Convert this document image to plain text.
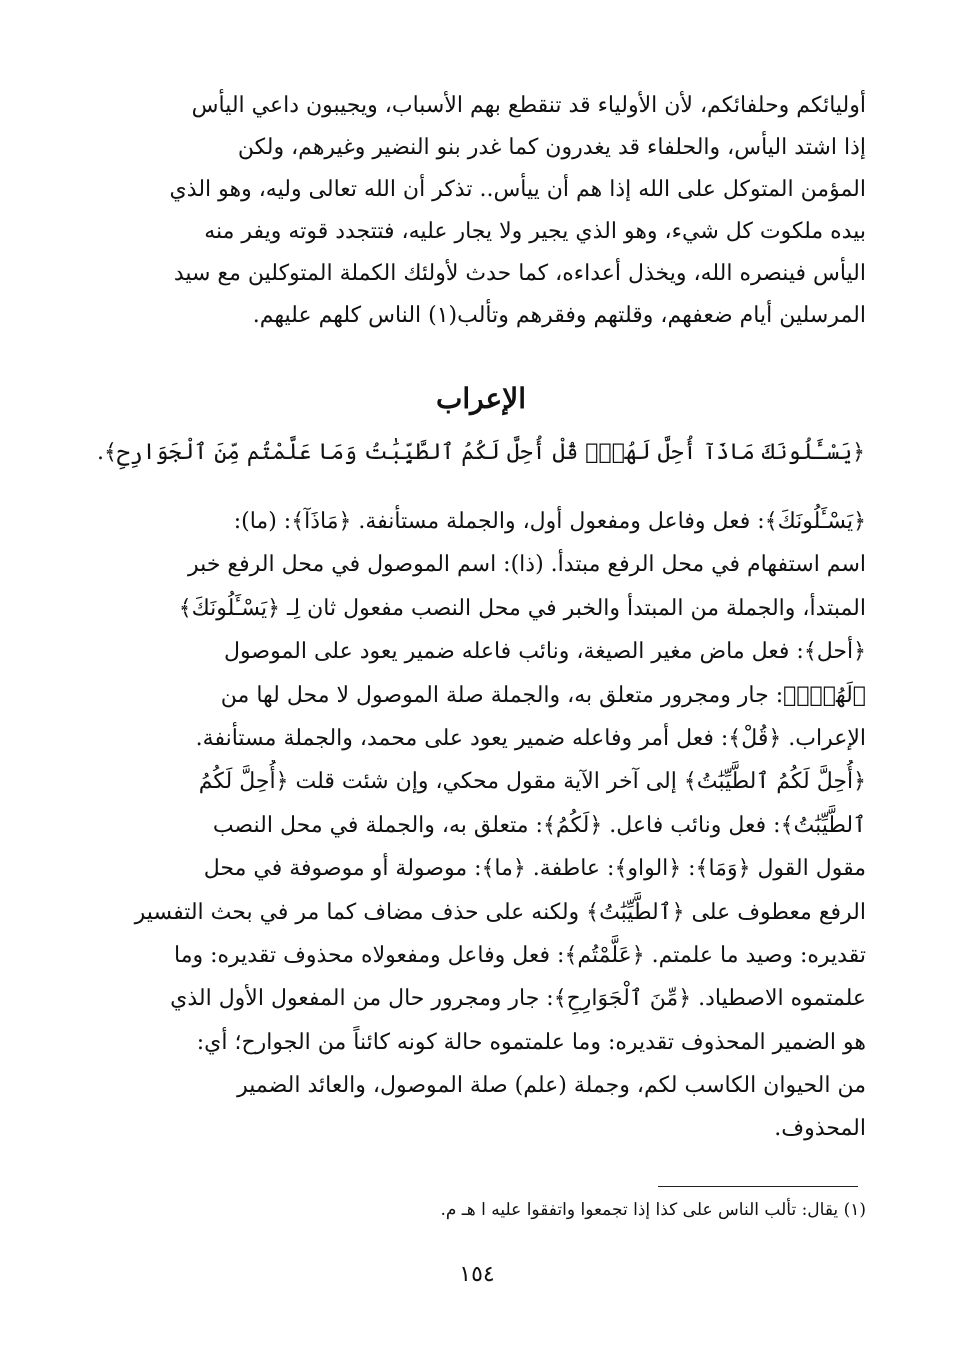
أوليائكم وحلفائكم، لأن الأولياء قد تنقطع بهم الأسباب، ويجيبون داعي اليأس
إذا اشتد اليأس، والحلفاء قد يغدرون كما غدر بنو النضير وغيرهم، ولكن
المؤمن المتوكل على الله إذا هم أن ييأس.. تذكر أن الله تعالى وليه، وهو الذي
بيده ملكوت كل شيء، وهو الذي يجير ولا يجار عليه، فتتجدد قوته ويفر منه
اليأس فينصره الله، ويخذل أعداءه، كما حدث لأولئك الكملة المتوكلين مع سيد
المرسلين أيام ضعفهم، وقلتهم وفقرهم وتألب(١) الناس كلهم عليهم.
الإعراب
﴿يَسْـَٔلُونَكَ مَاذَآ أُحِلَّ لَهُمْۖ قُلْ أُحِلَّ لَكُمُ ٱلطَّيِّبَٰتُ وَمَا عَلَّمْتُم مِّنَ ٱلْجَوَارِحِ﴾.
﴿يَسْـَٔلُونَكَ﴾: فعل وفاعل ومفعول أول، والجملة مستأنفة. ﴿مَاذَآ﴾: (ما):
اسم استفهام في محل الرفع مبتدأ. (ذا): اسم الموصول في محل الرفع خبر
المبتدأ، والجملة من المبتدأ والخبر في محل النصب مفعول ثان لِـ ﴿يَسْـَٔلُونَكَ﴾
﴿أحل﴾: فعل ماض مغير الصيغة، ونائب فاعله ضمير يعود على الموصول
﴿لَهُمْۖ﴾: جار ومجرور متعلق به، والجملة صلة الموصول لا محل لها من
الإعراب. ﴿قُلْ﴾: فعل أمر وفاعله ضمير يعود على محمد، والجملة مستأنفة.
﴿أُحِلَّ لَكُمُ ٱلطَّيِّبَٰتُ﴾ إلى آخر الآية مقول محكي، وإن شئت قلت ﴿أُحِلَّ لَكُمُ
ٱلطَّيِّبَٰتُ﴾: فعل ونائب فاعل. ﴿لَكُمُ﴾: متعلق به، والجملة في محل النصب
مقول القول ﴿وَمَا﴾: ﴿الواو﴾: عاطفة. ﴿ما﴾: موصولة أو موصوفة في محل
الرفع معطوف على ﴿ٱلطَّيِّبَٰتُ﴾ ولكنه على حذف مضاف كما مر في بحث التفسير
تقديره: وصيد ما علمتم. ﴿عَلَّمْتُم﴾: فعل وفاعل ومفعولاه محذوف تقديره: وما
علمتموه الاصطياد. ﴿مِّنَ ٱلْجَوَارِحِ﴾: جار ومجرور حال من المفعول الأول الذي
هو الضمير المحذوف تقديره: وما علمتموه حالة كونه كائناً من الجوارح؛ أي:
من الحيوان الكاسب لكم، وجملة (علم) صلة الموصول، والعائد الضمير
المحذوف.
(١) يقال: تألب الناس على كذا إذا تجمعوا واتفقوا عليه ا هـ م.
١٥٤
